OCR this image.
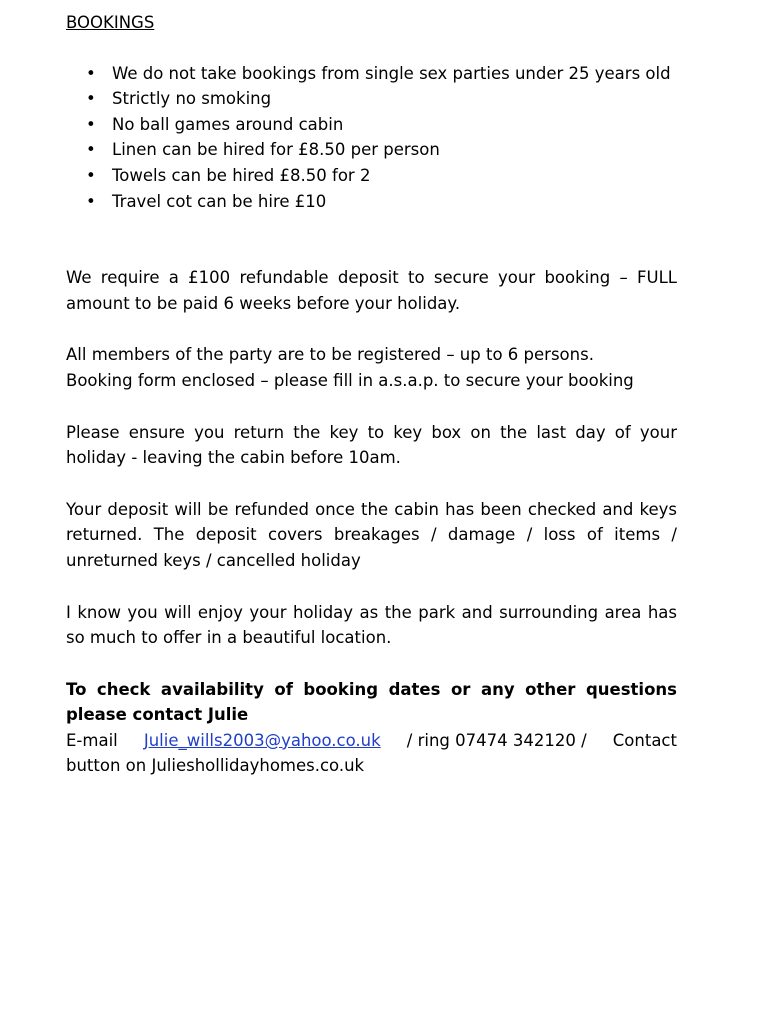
BOOKINGS
• We do not take bookings from single sex parties under 25 years old
• Strictly no smoking
• No ball games around cabin
• Linen can be hired for £8.50 per person
• Towels can be hired £8.50 for 2
• Travel cot can be hire £10

We require a £100 refundable deposit to secure your booking – FULL amount to be paid 6 weeks before your holiday.

All members of the party are to be registered – up to 6 persons.

Booking form enclosed – please fill in a.s.a.p. to secure your booking

Please ensure you return the key to key box on the last day of your holiday - leaving the cabin before 10am.

Your deposit will be refunded once the cabin has been checked and keys returned. The deposit covers breakages / damage / loss of items / unreturned keys / cancelled holiday

I know you will enjoy your holiday as the park and surrounding area has so much to offer in a beautiful location.

To check availability of booking dates or any other questions please contact Julie

E-mail Julie_wills2003@yahoo.co.uk / ring 07474 342120 / Contact

button on Julieshollidayhomes.co.uk
